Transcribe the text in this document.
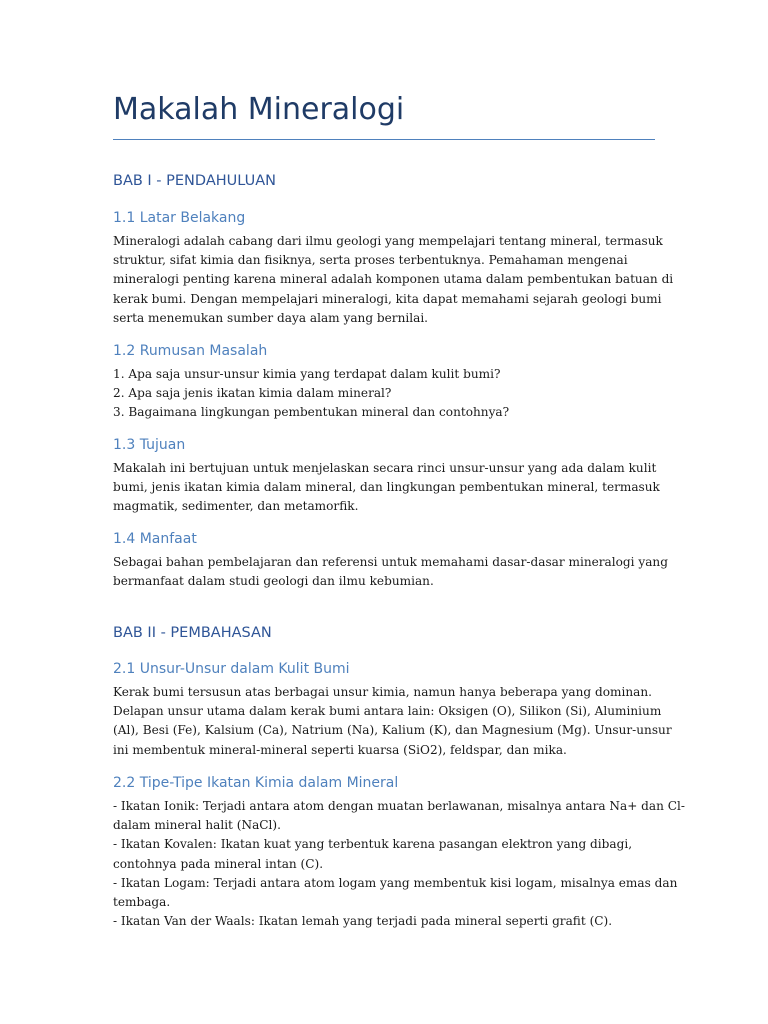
Makalah Mineralogi
BAB I - PENDAHULUAN
1.1 Latar Belakang
Mineralogi adalah cabang dari ilmu geologi yang mempelajari tentang mineral, termasuk
struktur, sifat kimia dan fisiknya, serta proses terbentuknya. Pemahaman mengenai
mineralogi penting karena mineral adalah komponen utama dalam pembentukan batuan di
kerak bumi. Dengan mempelajari mineralogi, kita dapat memahami sejarah geologi bumi
serta menemukan sumber daya alam yang bernilai.
1.2 Rumusan Masalah
1. Apa saja unsur-unsur kimia yang terdapat dalam kulit bumi?
2. Apa saja jenis ikatan kimia dalam mineral?
3. Bagaimana lingkungan pembentukan mineral dan contohnya?
1.3 Tujuan
Makalah ini bertujuan untuk menjelaskan secara rinci unsur-unsur yang ada dalam kulit
bumi, jenis ikatan kimia dalam mineral, dan lingkungan pembentukan mineral, termasuk
magmatik, sedimenter, dan metamorfik.
1.4 Manfaat
Sebagai bahan pembelajaran dan referensi untuk memahami dasar-dasar mineralogi yang
bermanfaat dalam studi geologi dan ilmu kebumian.
BAB II - PEMBAHASAN
2.1 Unsur-Unsur dalam Kulit Bumi
Kerak bumi tersusun atas berbagai unsur kimia, namun hanya beberapa yang dominan.
Delapan unsur utama dalam kerak bumi antara lain: Oksigen (O), Silikon (Si), Aluminium
(Al), Besi (Fe), Kalsium (Ca), Natrium (Na), Kalium (K), dan Magnesium (Mg). Unsur-unsur
ini membentuk mineral-mineral seperti kuarsa (SiO2), feldspar, dan mika.
2.2 Tipe-Tipe Ikatan Kimia dalam Mineral
- Ikatan Ionik: Terjadi antara atom dengan muatan berlawanan, misalnya antara Na+ dan Cl-
dalam mineral halit (NaCl).
- Ikatan Kovalen: Ikatan kuat yang terbentuk karena pasangan elektron yang dibagi,
contohnya pada mineral intan (C).
- Ikatan Logam: Terjadi antara atom logam yang membentuk kisi logam, misalnya emas dan
tembaga.
- Ikatan Van der Waals: Ikatan lemah yang terjadi pada mineral seperti grafit (C).
